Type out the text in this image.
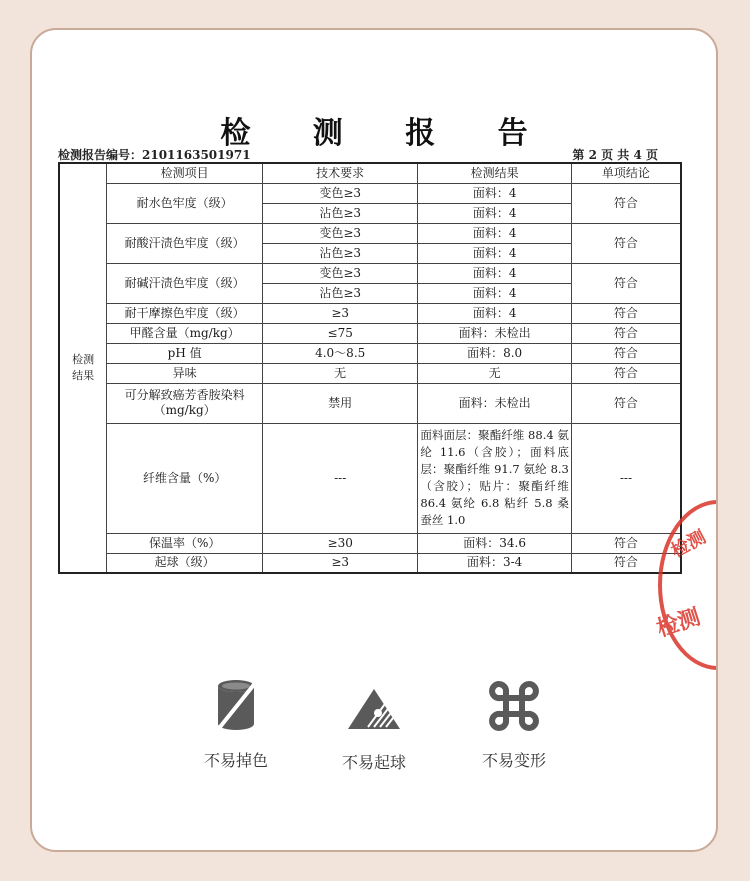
检 测 报 告
检测报告编号：2101163501971	第 2 页 共 4 页
检测
结果	检测项目	技术要求	检测结果	单项结论
	耐水色牢度（级）	变色≥3	面料：4	符合
		沾色≥3	面料：4	
	耐酸汗渍色牢度（级）	变色≥3	面料：4	符合
		沾色≥3	面料：4	
	耐碱汗渍色牢度（级）	变色≥3	面料：4	符合
		沾色≥3	面料：4	
	耐干摩擦色牢度（级）	≥3	面料：4	符合
	甲醛含量（mg/kg）	≤75	面料：未检出	符合
	pH 值	4.0～8.5	面料：8.0	符合
	异味	无	无	符合

	可分解致癌芳香胺染料
（mg/kg）	禁用	面料：未检出	符合
	纤维含量（%）	---	面料面层：聚酯纤维 88.4 氨纶 11.6（含胶）；面料底层：聚酯纤维 91.7 氨纶 8.3（含胶）；贴片：聚酯纤维 86.4 氨纶 6.8 粘纤 5.8 桑蚕丝 1.0	---
	保温率（%）	≥30	面料：34.6	符合
	起球（级）	≥3	面料：3-4	符合
检测
检测
不易掉色	不易起球	不易变形
